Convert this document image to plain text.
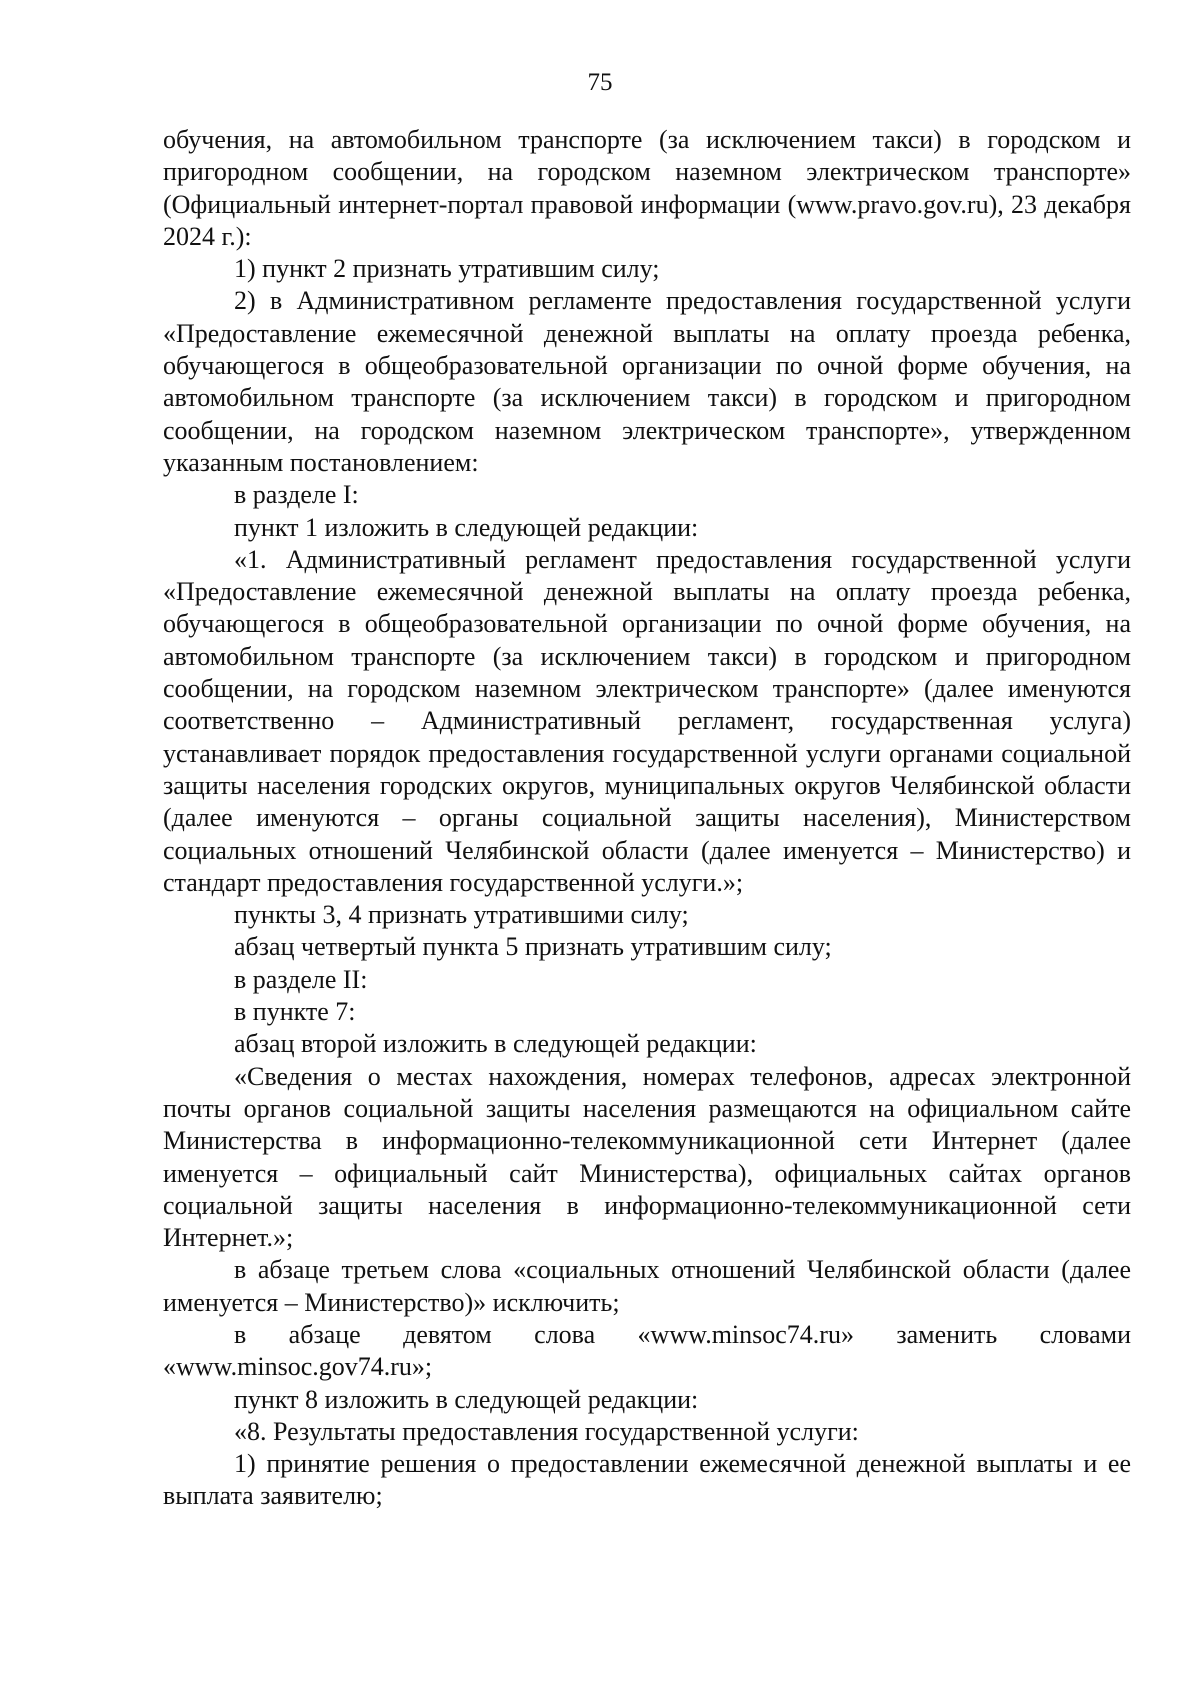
75

обучения, на автомобильном транспорте (за исключением такси) в городском и пригородном сообщении, на городском наземном электрическом транспорте» (Официальный интернет-портал правовой информации (www.pravo.gov.ru), 23 декабря 2024 г.):

1) пункт 2 признать утратившим силу;

2) в Административном регламенте предоставления государственной услуги «Предоставление ежемесячной денежной выплаты на оплату проезда ребенка, обучающегося в общеобразовательной организации по очной форме обучения, на автомобильном транспорте (за исключением такси) в городском и пригородном сообщении, на городском наземном электрическом транспорте», утвержденном указанным постановлением:

в разделе I:

пункт 1 изложить в следующей редакции:

«1. Административный регламент предоставления государственной услуги «Предоставление ежемесячной денежной выплаты на оплату проезда ребенка, обучающегося в общеобразовательной организации по очной форме обучения, на автомобильном транспорте (за исключением такси) в городском и пригородном сообщении, на городском наземном электрическом транспорте» (далее именуются соответственно – Административный регламент, государственная услуга) устанавливает порядок предоставления государственной услуги органами социальной защиты населения городских округов, муниципальных округов Челябинской области (далее именуются – органы социальной защиты населения), Министерством социальных отношений Челябинской области (далее именуется – Министерство) и стандарт предоставления государственной услуги.»;

пункты 3, 4 признать утратившими силу;

абзац четвертый пункта 5 признать утратившим силу;

в разделе II:

в пункте 7:

абзац второй изложить в следующей редакции:

«Сведения о местах нахождения, номерах телефонов, адресах электронной почты органов социальной защиты населения размещаются на официальном сайте Министерства в информационно-телекоммуникационной сети Интернет (далее именуется – официальный сайт Министерства), официальных сайтах органов социальной защиты населения в информационно-телекоммуникационной сети Интернет.»;

в абзаце третьем слова «социальных отношений Челябинской области (далее именуется – Министерство)» исключить;

в абзаце девятом слова «www.minsoc74.ru» заменить словами «www.minsoc.gov74.ru»;

пункт 8 изложить в следующей редакции:

«8. Результаты предоставления государственной услуги:

1) принятие решения о предоставлении ежемесячной денежной выплаты и ее выплата заявителю;
